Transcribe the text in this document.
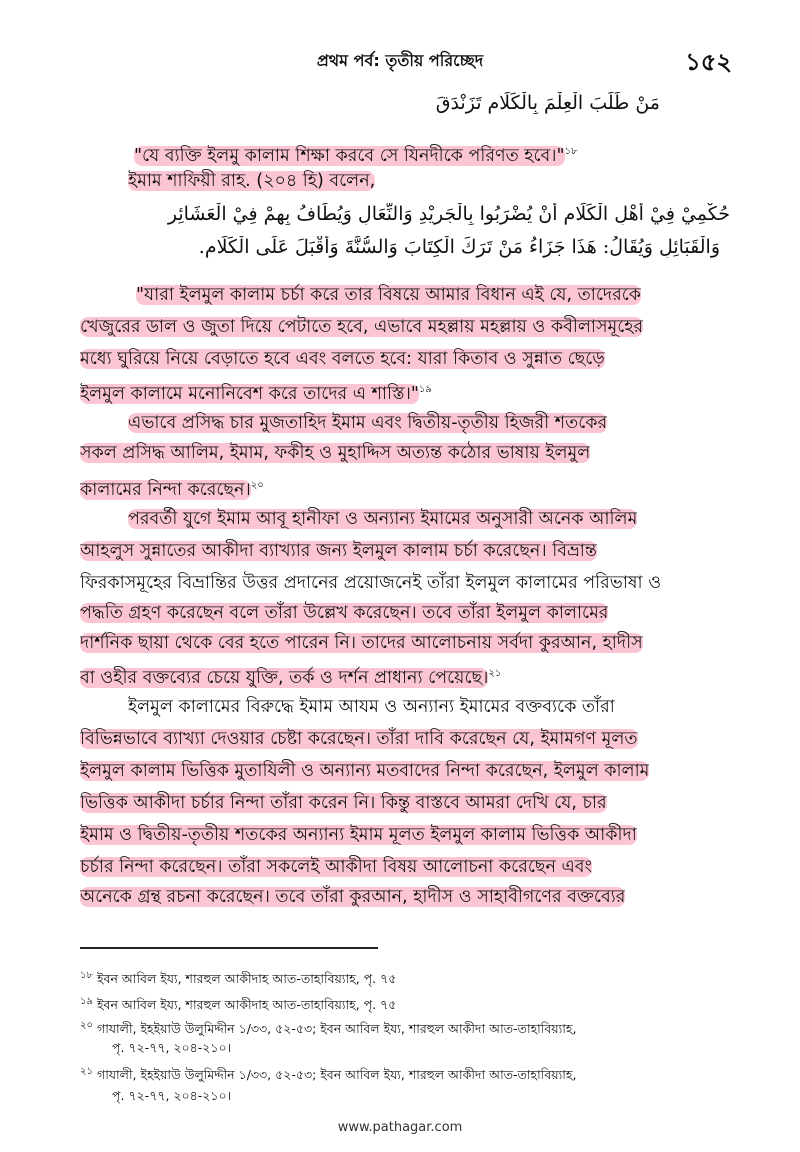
প্রথম পর্ব: তৃতীয় পরিচ্ছেদ	১৫২
مَنْ طَلَبَ الْعِلْمَ بِالْكَلَامِ تَزَنْدَقَ
"যে ব্যক্তি ইলমু কালাম শিক্ষা করবে সে যিনদীকে পরিণত হবে।"$^{১৮}$
ইমাম শাফিয়ী রাহ. (২০৪ হি) বলেন,
حُكْمِيْ فِيْ أَهْلِ الْكَلَامِ أَنْ يُضْرَبُوا بِالْجَرِيْدِ وَالنِّعَالِ وَيُطَافُ بِهِمْ فِيْ الْعَشَائِرِ
وَالْقَبَائِلِ وَيُقَالُ: هَذَا جَزَاءُ مَنْ تَرَكَ الْكِتَابَ وَالسُّنَّةَ وَأَقْبَلَ عَلَى الْكَلَامِ.
"যারা ইলমুল কালাম চর্চা করে তার বিষয়ে আমার বিধান এই যে, তাদেরকে
খেজুরের ডাল ও জুতা দিয়ে পেটাতে হবে, এভাবে মহল্লায় মহল্লায় ও কবীলাসমূহের
মধ্যে ঘুরিয়ে নিয়ে বেড়াতে হবে এবং বলতে হবে: যারা কিতাব ও সুন্নাত ছেড়ে
ইলমুল কালামে মনোনিবেশ করে তাদের এ শাস্তি।"$^{১৯}$
এভাবে প্রসিদ্ধ চার মুজতাহিদ ইমাম এবং দ্বিতীয়-তৃতীয় হিজরী শতকের
সকল প্রসিদ্ধ আলিম, ইমাম, ফকীহ ও মুহাদ্দিস অত্যন্ত কঠোর ভাষায় ইলমুল
কালামের নিন্দা করেছেন।$^{২০}$
পরবর্তী যুগে ইমাম আবূ হানীফা ও অন্যান্য ইমামের অনুসারী অনেক আলিম
আহলুস সুন্নাতের আকীদা ব্যাখ্যার জন্য ইলমুল কালাম চর্চা করেছেন। বিভ্রান্ত
ফিরকাসমূহের বিভ্রান্তির উত্তর প্রদানের প্রয়োজনেই তাঁরা ইলমুল কালামের পরিভাষা ও
পদ্ধতি গ্রহণ করেছেন বলে তাঁরা উল্লেখ করেছেন। তবে তাঁরা ইলমুল কালামের
দার্শনিক ছায়া থেকে বের হতে পারেন নি। তাদের আলোচনায় সর্বদা কুরআন, হাদীস
বা ওহীর বক্তব্যের চেয়ে যুক্তি, তর্ক ও দর্শন প্রাধান্য পেয়েছে।$^{২১}$
ইলমুল কালামের বিরুদ্ধে ইমাম আযম ও অন্যান্য ইমামের বক্তব্যকে তাঁরা
বিভিন্নভাবে ব্যাখ্যা দেওয়ার চেষ্টা করেছেন। তাঁরা দাবি করেছেন যে, ইমামগণ মূলত
ইলমুল কালাম ভিত্তিক মুতাযিলী ও অন্যান্য মতবাদের নিন্দা করেছেন, ইলমুল কালাম
ভিত্তিক আকীদা চর্চার নিন্দা তাঁরা করেন নি। কিন্তু বাস্তবে আমরা দেখি যে, চার
ইমাম ও দ্বিতীয়-তৃতীয় শতকের অন্যান্য ইমাম মূলত ইলমুল কালাম ভিত্তিক আকীদা
চর্চার নিন্দা করেছেন। তাঁরা সকলেই আকীদা বিষয় আলোচনা করেছেন এবং
অনেকে গ্রন্থ রচনা করেছেন। তবে তাঁরা কুরআন, হাদীস ও সাহাবীগণের বক্তব্যের
$^{১৮}$ ইবন আবিল ইয্য, শারহুল আকীদাহ আত-তাহাবিয়্যাহ, পৃ. ৭৫
$^{১৯}$ ইবন আবিল ইয্য, শারহুল আকীদাহ আত-তাহাবিয়্যাহ, পৃ. ৭৫
$^{২০}$ গাযালী, ইহইয়াউ উলুমিদ্দীন ১/৩৩, ৫২-৫৩; ইবন আবিল ইয্য, শারহুল আকীদা আত-তাহাবিয়্যাহ,
পৃ. ৭২-৭৭, ২০৪-২১০।
$^{২১}$ গাযালী, ইহইয়াউ উলুমিদ্দীন ১/৩৩, ৫২-৫৩; ইবন আবিল ইয্য, শারহুল আকীদা আত-তাহাবিয়্যাহ,
পৃ. ৭২-৭৭, ২০৪-২১০।
www.pathagar.com
